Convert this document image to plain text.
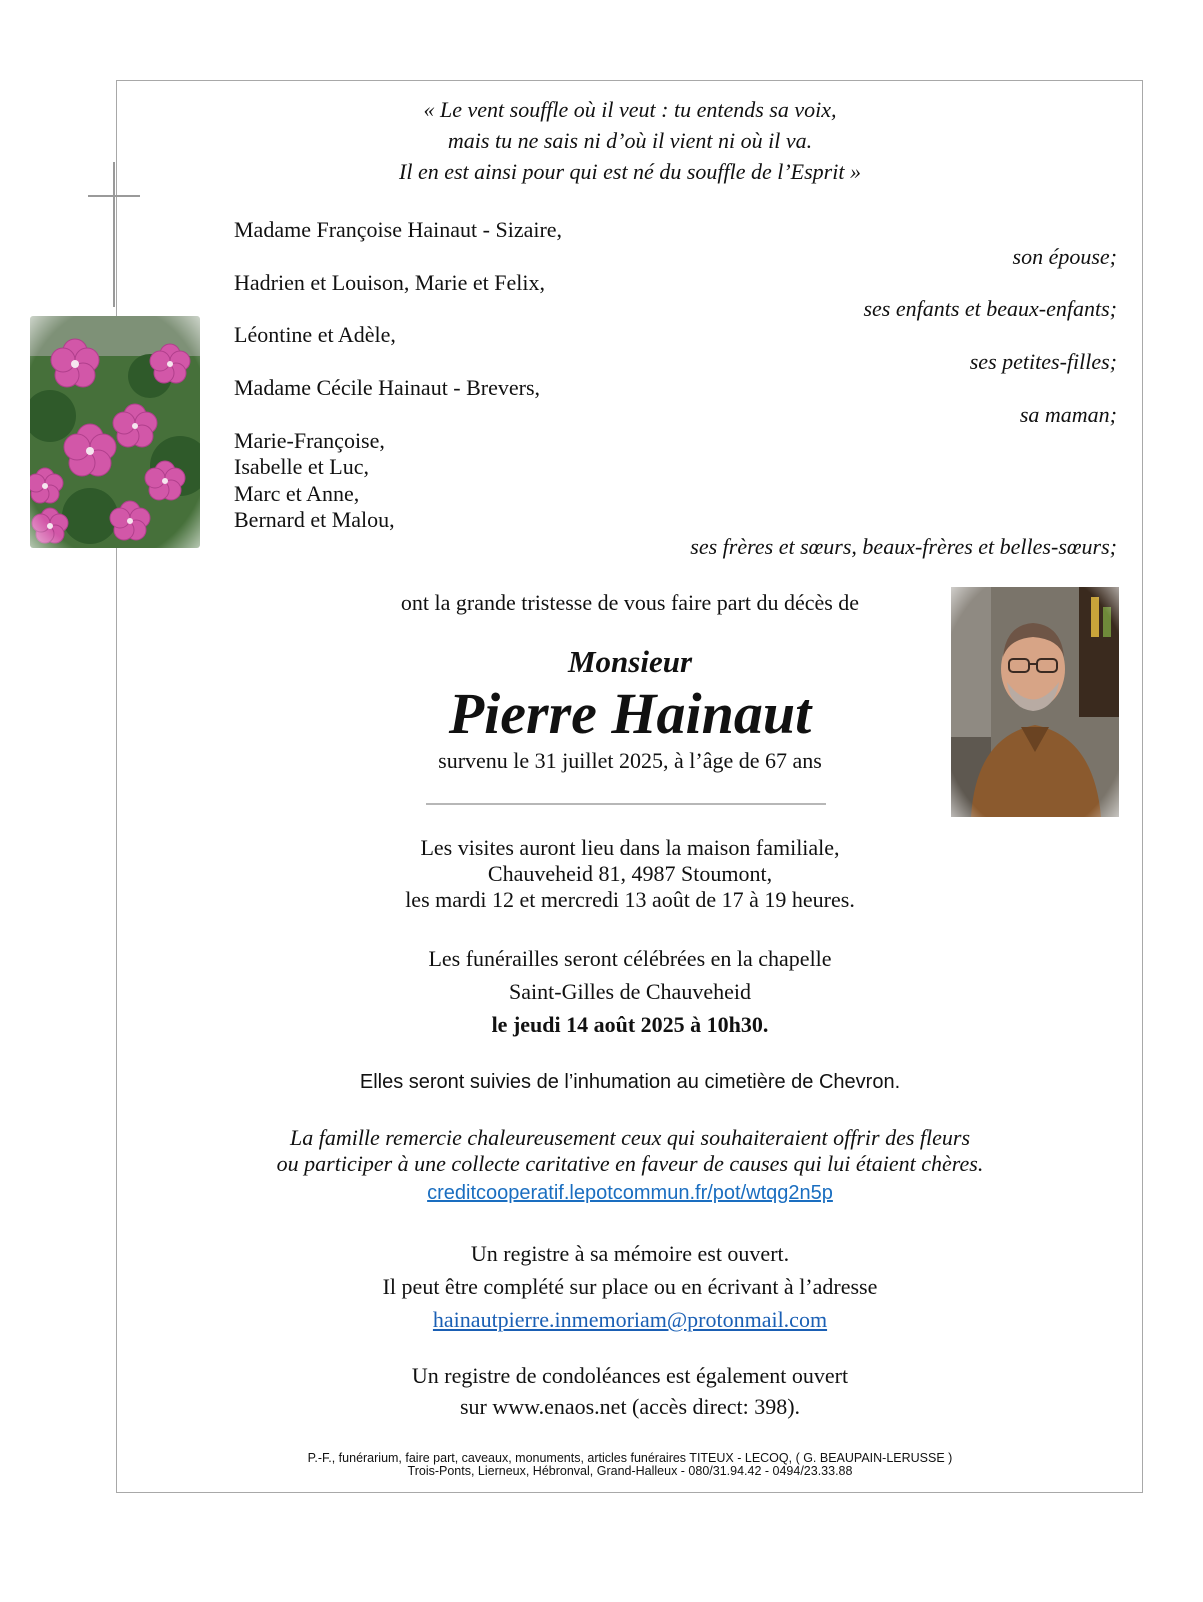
« Le vent souffle où il veut : tu entends sa voix,
mais tu ne sais ni d’où il vient ni où il va.
Il en est ainsi pour qui est né du souffle de l’Esprit »
Madame Françoise Hainaut - Sizaire,
son épouse;
Hadrien et Louison, Marie et Felix,
ses enfants et beaux-enfants;
Léontine et Adèle,
ses petites-filles;
Madame Cécile Hainaut - Brevers,
sa maman;
Marie-Françoise,
Isabelle et Luc,
Marc et Anne,
Bernard et Malou,
ses frères et sœurs, beaux-frères et belles-sœurs;
ont la grande tristesse de vous faire part du décès de
Monsieur
Pierre Hainaut
survenu le 31 juillet 2025, à l’âge de 67 ans
Les visites auront lieu dans la maison familiale,
Chauveheid 81, 4987 Stoumont,
les mardi 12 et mercredi 13 août de 17 à 19 heures.
Les funérailles seront célébrées en la chapelle
Saint-Gilles de Chauveheid
le jeudi 14 août 2025 à 10h30.
Elles seront suivies de l’inhumation au cimetière de Chevron.
La famille remercie chaleureusement ceux qui souhaiteraient offrir des fleurs
ou participer à une collecte caritative en faveur de causes qui lui étaient chères.
creditcooperatif.lepotcommun.fr/pot/wtqg2n5p
Un registre à sa mémoire est ouvert.
Il peut être complété sur place ou en écrivant à l’adresse
hainautpierre.inmemoriam@protonmail.com
Un registre de condoléances est également ouvert
sur www.enaos.net (accès direct: 398).
P.-F., funérarium, faire part, caveaux, monuments, articles funéraires TITEUX - LECOQ, ( G. BEAUPAIN-LERUSSE )
Trois-Ponts, Lierneux, Hébronval, Grand-Halleux - 080/31.94.42 - 0494/23.33.88
